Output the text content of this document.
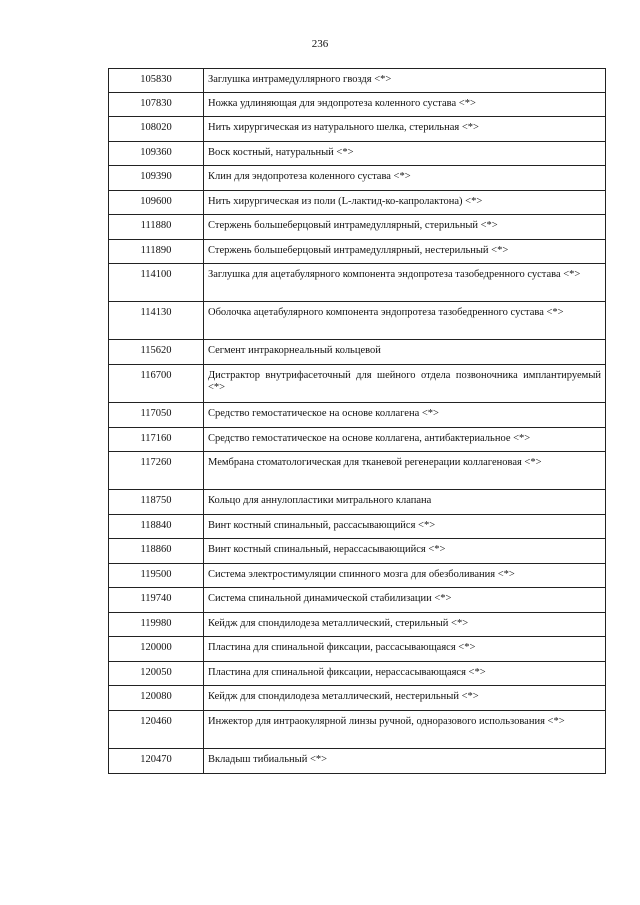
236
105830	Заглушка интрамедуллярного гвоздя <*>
107830	Ножка удлиняющая для эндопротеза коленного сустава <*>
108020	Нить хирургическая из натурального шелка, стерильная <*>
109360	Воск костный, натуральный <*>
109390	Клин для эндопротеза коленного сустава <*>
109600	Нить хирургическая из поли (L-лактид-ко-капролактона) <*>
111880	Стержень большеберцовый интрамедуллярный, стерильный <*>
111890	Стержень большеберцовый интрамедуллярный, нестерильный <*>
114100	Заглушка для ацетабулярного компонента эндопротеза тазобедренного сустава <*>
114130	Оболочка ацетабулярного компонента эндопротеза тазобедренного сустава <*>
115620	Сегмент интракорнеальный кольцевой
116700	Дистрактор внутрифасеточный для шейного отдела позвоночника имплантируемый <*>
117050	Средство гемостатическое на основе коллагена <*>
117160	Средство гемостатическое на основе коллагена, антибактериальное <*>
117260	Мембрана стоматологическая для тканевой регенерации коллагеновая <*>
118750	Кольцо для аннулопластики митрального клапана
118840	Винт костный спинальный, рассасывающийся <*>
118860	Винт костный спинальный, нерассасывающийся <*>
119500	Система электростимуляции спинного мозга для обезболивания <*>
119740	Система спинальной динамической стабилизации <*>
119980	Кейдж для спондилодеза металлический, стерильный <*>
120000	Пластина для спинальной фиксации, рассасывающаяся <*>
120050	Пластина для спинальной фиксации, нерассасывающаяся <*>
120080	Кейдж для спондилодеза металлический, нестерильный <*>
120460	Инжектор для интраокулярной линзы ручной, одноразового использования <*>
120470	Вкладыш тибиальный <*>
